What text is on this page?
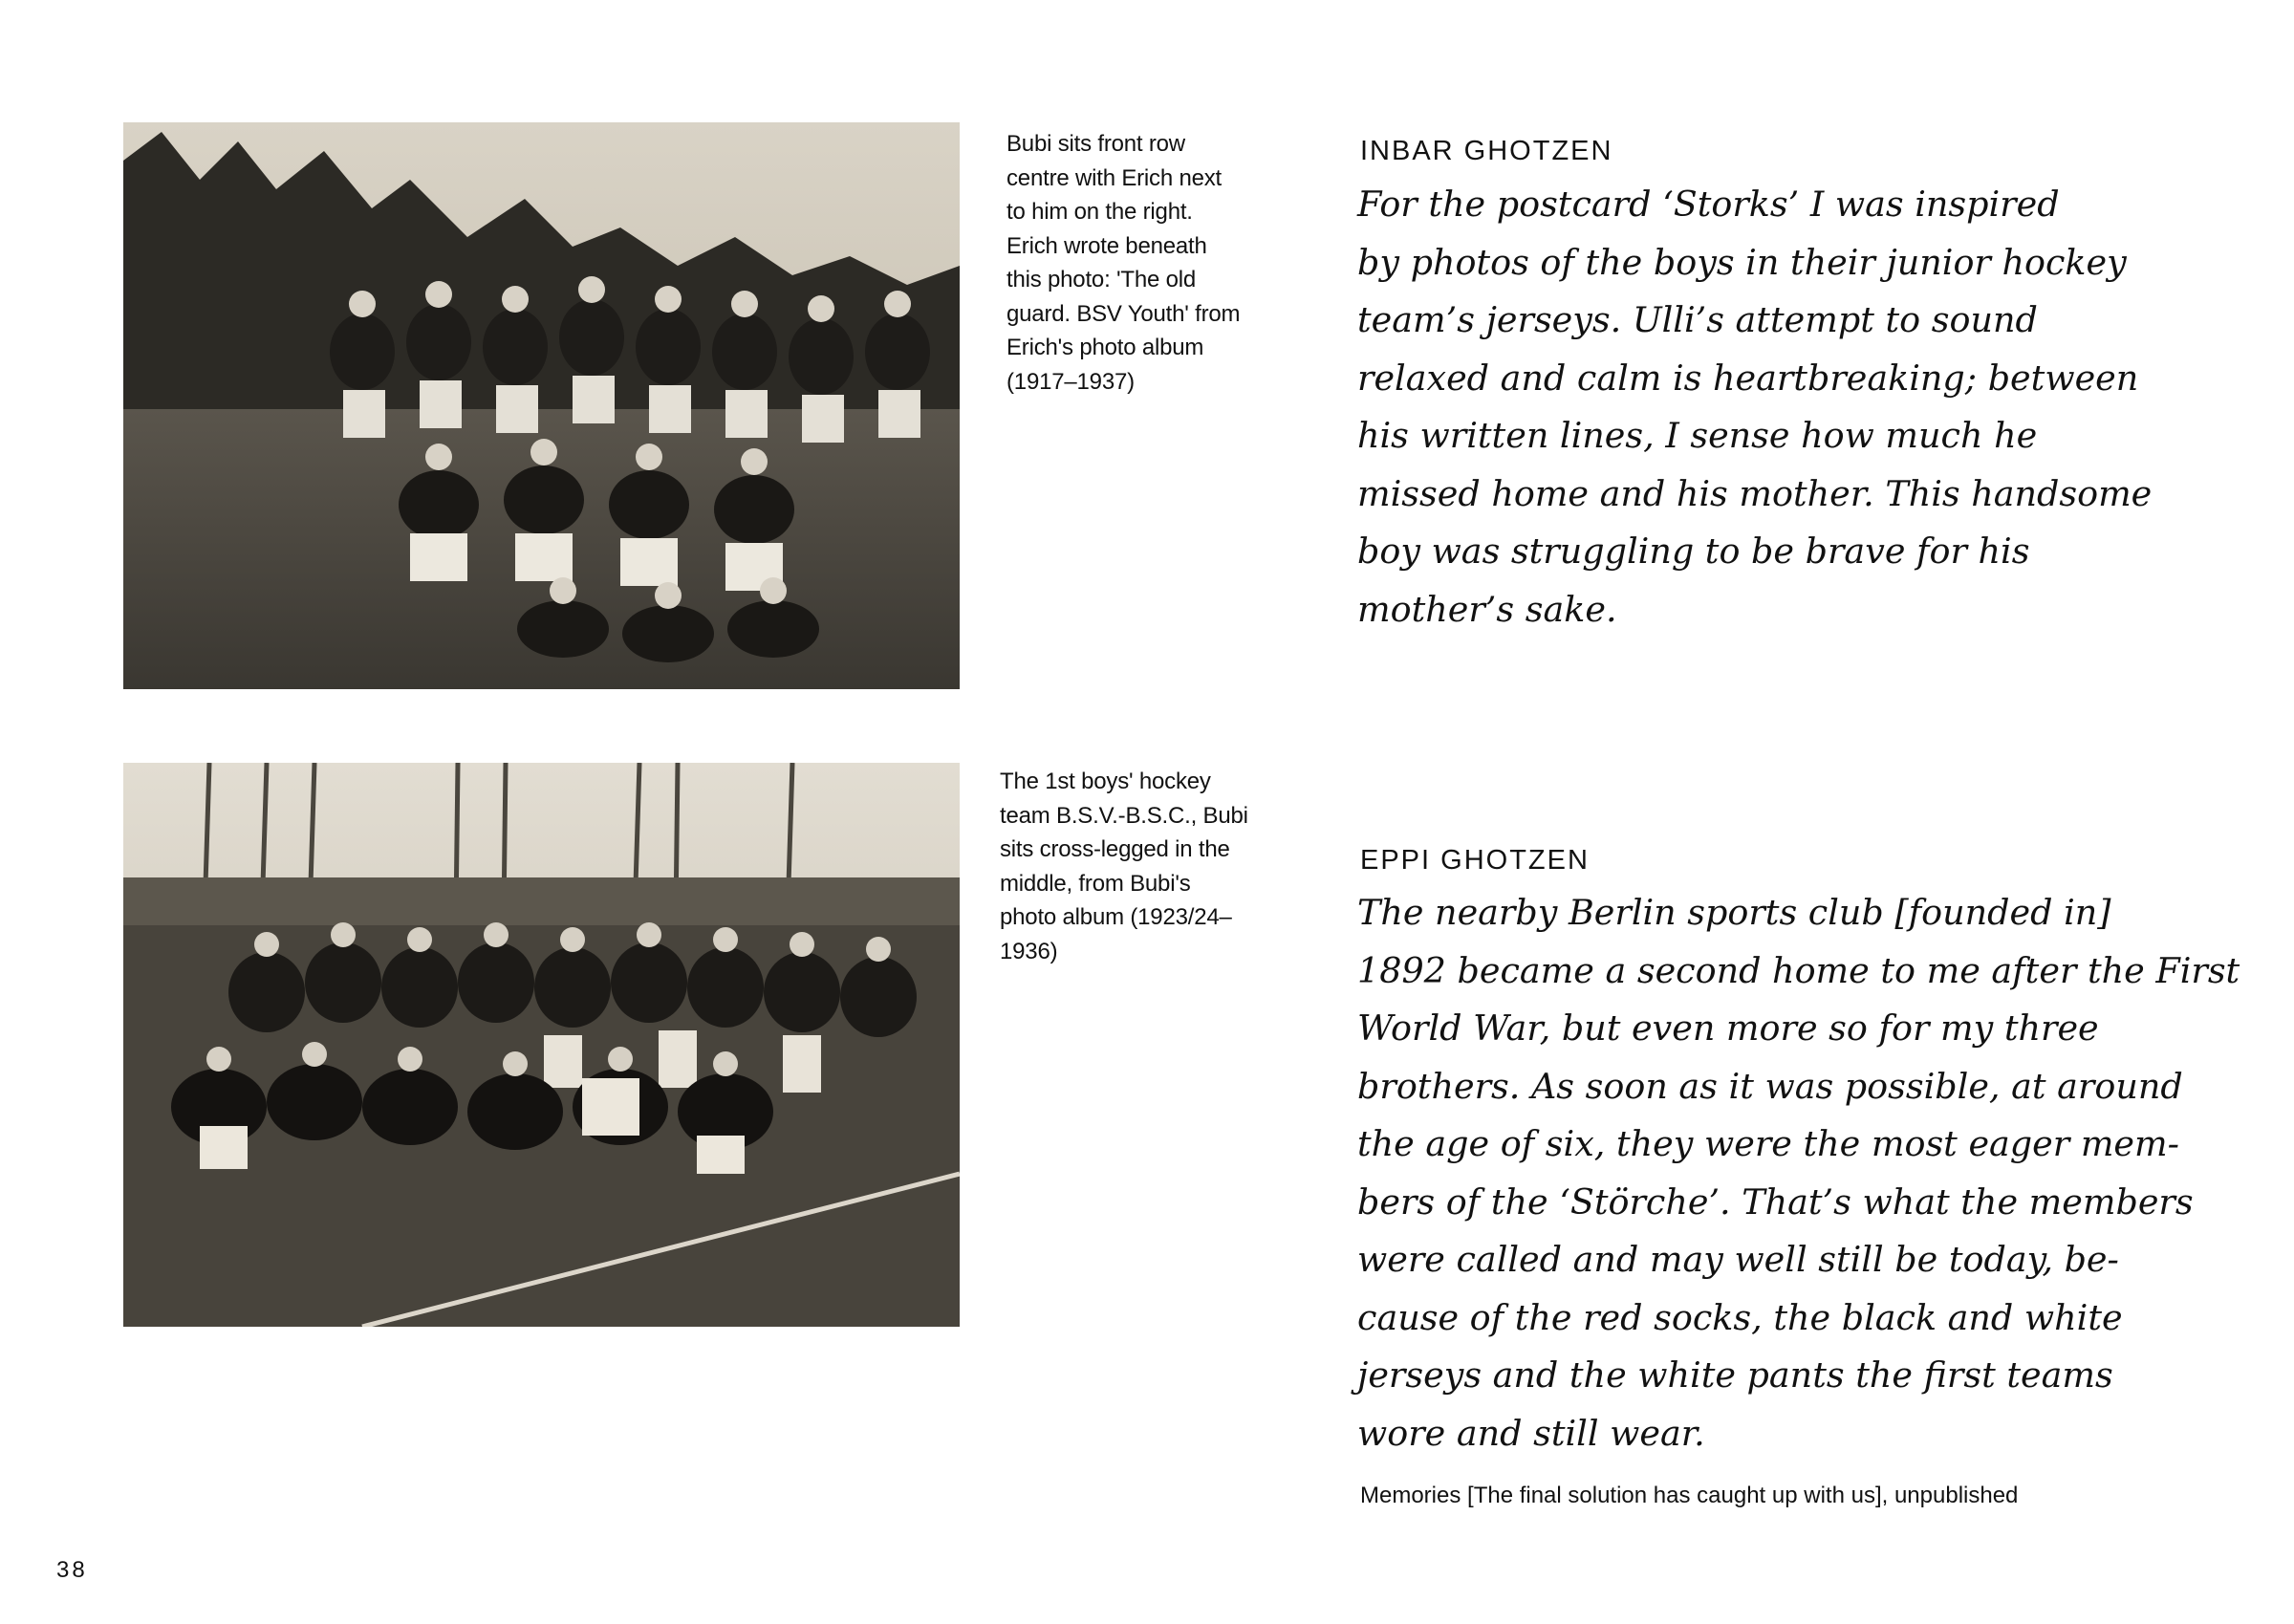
Bubi sits front row
centre with Erich next
to him on the right.
Erich wrote beneath
this photo: 'The old
guard. BSV Youth' from
Erich's photo album
(1917–1937)
The 1st boys' hockey
team B.S.V.-B.S.C., Bubi
sits cross-legged in the
middle, from Bubi's
photo album (1923/24–
1936)
INBAR GHOTZEN
For the postcard ‘Storks’ I was inspired
by photos of the boys in their junior hockey
team’s jerseys. Ulli’s attempt to sound
relaxed and calm is heartbreaking; between
his written lines, I sense how much he
missed home and his mother. This handsome
boy was struggling to be brave for his
mother’s sake.
EPPI GHOTZEN
The nearby Berlin sports club [founded in]
1892 became a second home to me after the First
World War, but even more so for my three
brothers. As soon as it was possible, at around
the age of six, they were the most eager mem-
bers of the ‘Störche’. That’s what the members
were called and may well still be today, be-
cause of the red socks, the black and white
jerseys and the white pants the first teams
wore and still wear.
Memories [The final solution has caught up with us], unpublished
38
